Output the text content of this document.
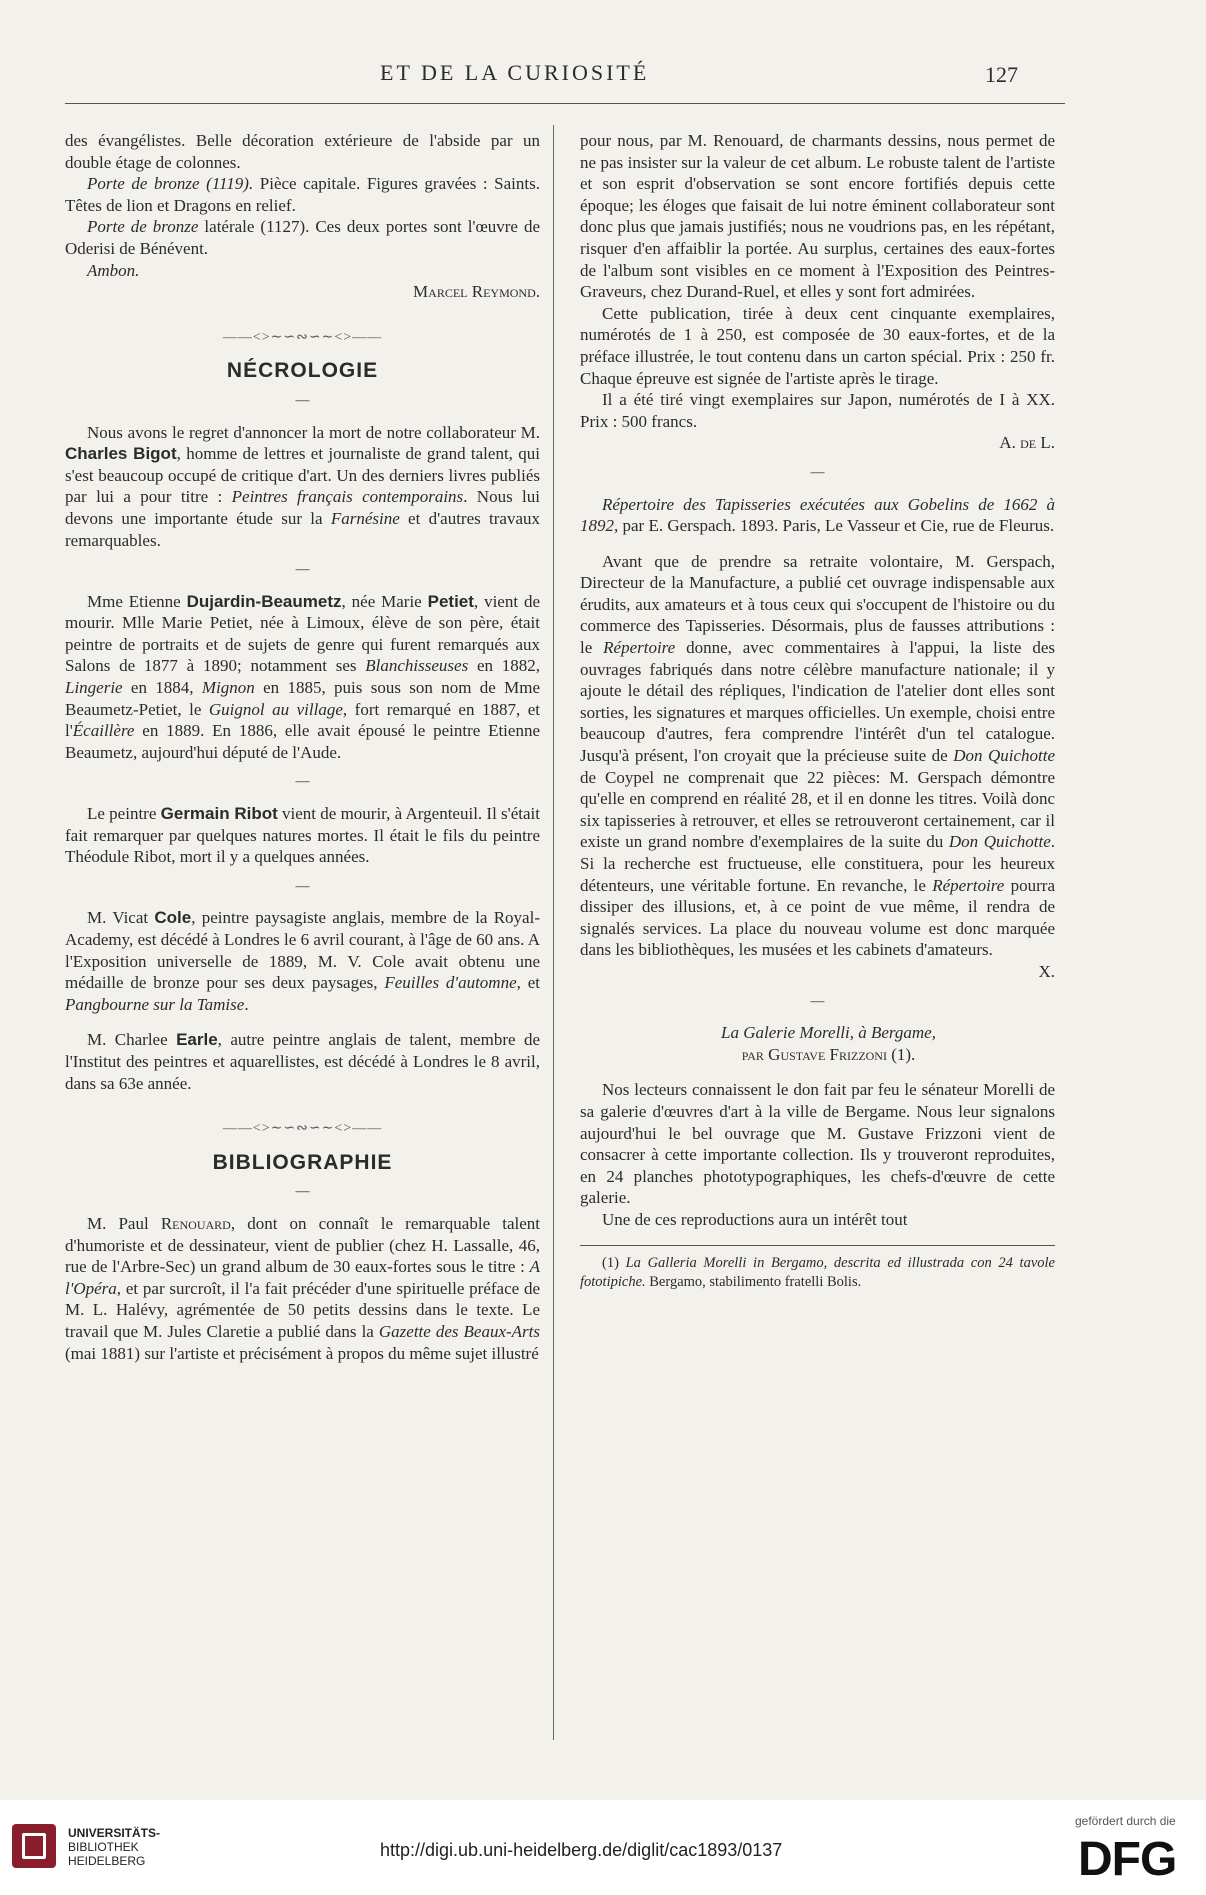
ET DE LA CURIOSITÉ	127

des évangélistes. Belle décoration extérieure de l'abside par un double étage de colonnes.

Porte de bronze (1119). Pièce capitale. Figures gravées : Saints. Têtes de lion et Dragons en relief.

Porte de bronze latérale (1127). Ces deux portes sont l'œuvre de Oderisi de Bénévent.

Ambon.

Marcel Reymond.

——<>∼∽∾∽∼<>——
NÉCROLOGIE
—

Nous avons le regret d'annoncer la mort de notre collaborateur M. Charles Bigot, homme de lettres et journaliste de grand talent, qui s'est beaucoup occupé de critique d'art. Un des derniers livres publiés par lui a pour titre : Peintres français contemporains. Nous lui devons une importante étude sur la Farnésine et d'autres travaux remarquables.

—

Mme Etienne Dujardin-Beaumetz, née Marie Petiet, vient de mourir. Mlle Marie Petiet, née à Limoux, élève de son père, était peintre de portraits et de sujets de genre qui furent remarqués aux Salons de 1877 à 1890; notamment ses Blanchisseuses en 1882, Lingerie en 1884, Mignon en 1885, puis sous son nom de Mme Beaumetz-Petiet, le Guignol au village, fort remarqué en 1887, et l'Écaillère en 1889. En 1886, elle avait épousé le peintre Etienne Beaumetz, aujourd'hui député de l'Aude.

—

Le peintre Germain Ribot vient de mourir, à Argenteuil. Il s'était fait remarquer par quelques natures mortes. Il était le fils du peintre Théodule Ribot, mort il y a quelques années.

—

M. Vicat Cole, peintre paysagiste anglais, membre de la Royal-Academy, est décédé à Londres le 6 avril courant, à l'âge de 60 ans. A l'Exposition universelle de 1889, M. V. Cole avait obtenu une médaille de bronze pour ses deux paysages, Feuilles d'automne, et Pangbourne sur la Tamise.

M. Charlee Earle, autre peintre anglais de talent, membre de l'Institut des peintres et aquarellistes, est décédé à Londres le 8 avril, dans sa 63e année.

——<>∼∽∾∽∼<>——
BIBLIOGRAPHIE
—

M. Paul Renouard, dont on connaît le remarquable talent d'humoriste et de dessinateur, vient de publier (chez H. Lassalle, 46, rue de l'Arbre-Sec) un grand album de 30 eaux-fortes sous le titre : A l'Opéra, et par surcroît, il l'a fait précéder d'une spirituelle préface de M. L. Halévy, agrémentée de 50 petits dessins dans le texte. Le travail que M. Jules Claretie a publié dans la Gazette des Beaux-Arts (mai 1881) sur l'artiste et précisément à propos du même sujet illustré

pour nous, par M. Renouard, de charmants dessins, nous permet de ne pas insister sur la valeur de cet album. Le robuste talent de l'artiste et son esprit d'observation se sont encore fortifiés depuis cette époque; les éloges que faisait de lui notre éminent collaborateur sont donc plus que jamais justifiés; nous ne voudrions pas, en les répétant, risquer d'en affaiblir la portée. Au surplus, certaines des eaux-fortes de l'album sont visibles en ce moment à l'Exposition des Peintres-Graveurs, chez Durand-Ruel, et elles y sont fort admirées.

Cette publication, tirée à deux cent cinquante exemplaires, numérotés de 1 à 250, est composée de 30 eaux-fortes, et de la préface illustrée, le tout contenu dans un carton spécial. Prix : 250 fr. Chaque épreuve est signée de l'artiste après le tirage.

Il a été tiré vingt exemplaires sur Japon, numérotés de I à XX. Prix : 500 francs.

A. de L.

—

Répertoire des Tapisseries exécutées aux Gobelins de 1662 à 1892, par E. Gerspach. 1893. Paris, Le Vasseur et Cie, rue de Fleurus.

Avant que de prendre sa retraite volontaire, M. Gerspach, Directeur de la Manufacture, a publié cet ouvrage indispensable aux érudits, aux amateurs et à tous ceux qui s'occupent de l'histoire ou du commerce des Tapisseries. Désormais, plus de fausses attributions : le Répertoire donne, avec commentaires à l'appui, la liste des ouvrages fabriqués dans notre célèbre manufacture nationale; il y ajoute le détail des répliques, l'indication de l'atelier dont elles sont sorties, les signatures et marques officielles. Un exemple, choisi entre beaucoup d'autres, fera comprendre l'intérêt d'un tel catalogue. Jusqu'à présent, l'on croyait que la précieuse suite de Don Quichotte de Coypel ne comprenait que 22 pièces: M. Gerspach démontre qu'elle en comprend en réalité 28, et il en donne les titres. Voilà donc six tapisseries à retrouver, et elles se retrouveront certainement, car il existe un grand nombre d'exemplaires de la suite du Don Quichotte. Si la recherche est fructueuse, elle constituera, pour les heureux détenteurs, une véritable fortune. En revanche, le Répertoire pourra dissiper des illusions, et, à ce point de vue même, il rendra de signalés services. La place du nouveau volume est donc marquée dans les bibliothèques, les musées et les cabinets d'amateurs.

X.

—

La Galerie Morelli, à Bergame,

par Gustave Frizzoni (1).

Nos lecteurs connaissent le don fait par feu le sénateur Morelli de sa galerie d'œuvres d'art à la ville de Bergame. Nous leur signalons aujourd'hui le bel ouvrage que M. Gustave Frizzoni vient de consacrer à cette importante collection. Ils y trouveront reproduites, en 24 planches phototypographiques, les chefs-d'œuvre de cette galerie.

Une de ces reproductions aura un intérêt tout

(1) La Galleria Morelli in Bergamo, descrita ed illustrada con 24 tavole fototipiche. Bergamo, stabilimento fratelli Bolis.

UNIVERSITÄTS-
BIBLIOTHEK
HEIDELBERG
http://digi.ub.uni-heidelberg.de/diglit/cac1893/0137
gefördert durch die
DFG
